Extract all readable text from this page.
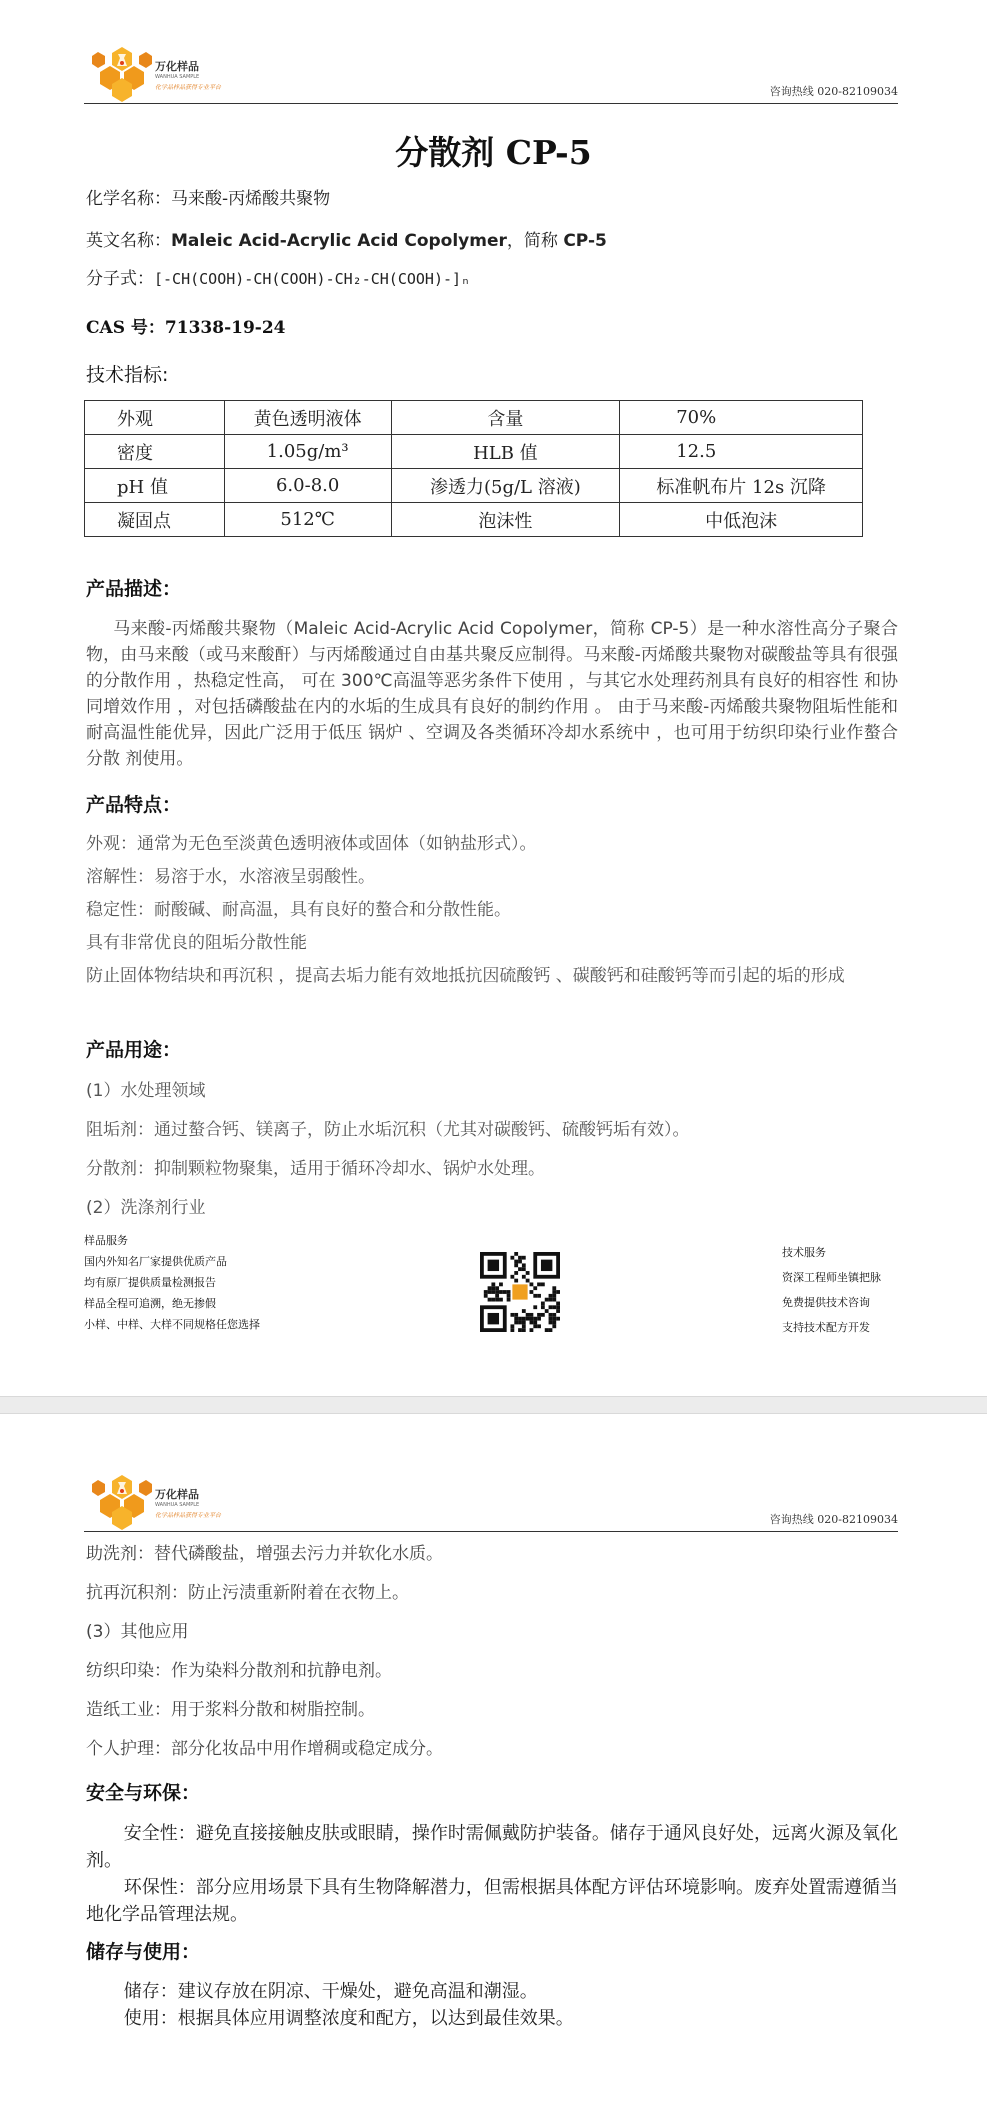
万化样品
WANHUA SAMPLE
化学品样品获得专业平台	咨询热线 020-82109034
分散剂 CP-5
化学名称：马来酸-丙烯酸共聚物
英文名称：Maleic Acid-Acrylic Acid Copolymer，简称 CP-5
分子式：[-CH(COOH)-CH(COOH)-CH₂-CH(COOH)-]ₙ
CAS 号：71338-19-24
技术指标:
外观	黄色透明液体	含量	70%
密度	1.05g/m³	HLB 值	12.5
pH 值	6.0-8.0	渗透力(5g/L 溶液)	标准帆布片 12s 沉降
凝固点	512℃	泡沫性	中低泡沫
产品描述：

马来酸-丙烯酸共聚物（Maleic Acid-Acrylic Acid Copolymer，简称 CP-5）是一种水溶性高分子聚合物，由马来酸（或马来酸酐）与丙烯酸通过自由基共聚反应制得。马来酸-丙烯酸共聚物对碳酸盐等具有很强的分散作用 ，热稳定性高， 可在 300℃高温等恶劣条件下使用 ，与其它水处理药剂具有良好的相容性 和协同增效作用 ，对包括磷酸盐在内的水垢的生成具有良好的制约作用 。 由于马来酸-丙烯酸共聚物阻垢性能和耐高温性能优异，因此广泛用于低压 锅炉 、空调及各类循环冷却水系统中 ，也可用于纺织印染行业作螯合分散 剂使用。

产品特点：
外观：通常为无色至淡黄色透明液体或固体（如钠盐形式）。
溶解性：易溶于水，水溶液呈弱酸性。
稳定性：耐酸碱、耐高温，具有良好的螯合和分散性能。
具有非常优良的阻垢分散性能
防止固体物结块和再沉积 ，提高去垢力能有效地抵抗因硫酸钙 、碳酸钙和硅酸钙等而引起的垢的形成
产品用途：
(1）水处理领域
阻垢剂：通过螯合钙、镁离子，防止水垢沉积（尤其对碳酸钙、硫酸钙垢有效）。
分散剂：抑制颗粒物聚集，适用于循环冷却水、锅炉水处理。
(2）洗涤剂行业
样品服务
国内外知名厂家提供优质产品
均有原厂提供质量检测报告
样品全程可追溯，绝无掺假
小样、中样、大样不同规格任您选择
技术服务
资深工程师坐镇把脉
免费提供技术咨询
支持技术配方开发
万化样品
WANHUA SAMPLE
化学品样品获得专业平台	咨询热线 020-82109034
助洗剂：替代磷酸盐，增强去污力并软化水质。
抗再沉积剂：防止污渍重新附着在衣物上。
(3）其他应用
纺织印染：作为染料分散剂和抗静电剂。
造纸工业：用于浆料分散和树脂控制。
个人护理：部分化妆品中用作增稠或稳定成分。
安全与环保：

安全性：避免直接接触皮肤或眼睛，操作时需佩戴防护装备。储存于通风良好处，远离火源及氧化剂。

环保性：部分应用场景下具有生物降解潜力，但需根据具体配方评估环境影响。废弃处置需遵循当地化学品管理法规。

储存与使用：

储存：建议存放在阴凉、干燥处，避免高温和潮湿。

使用：根据具体应用调整浓度和配方，以达到最佳效果。
